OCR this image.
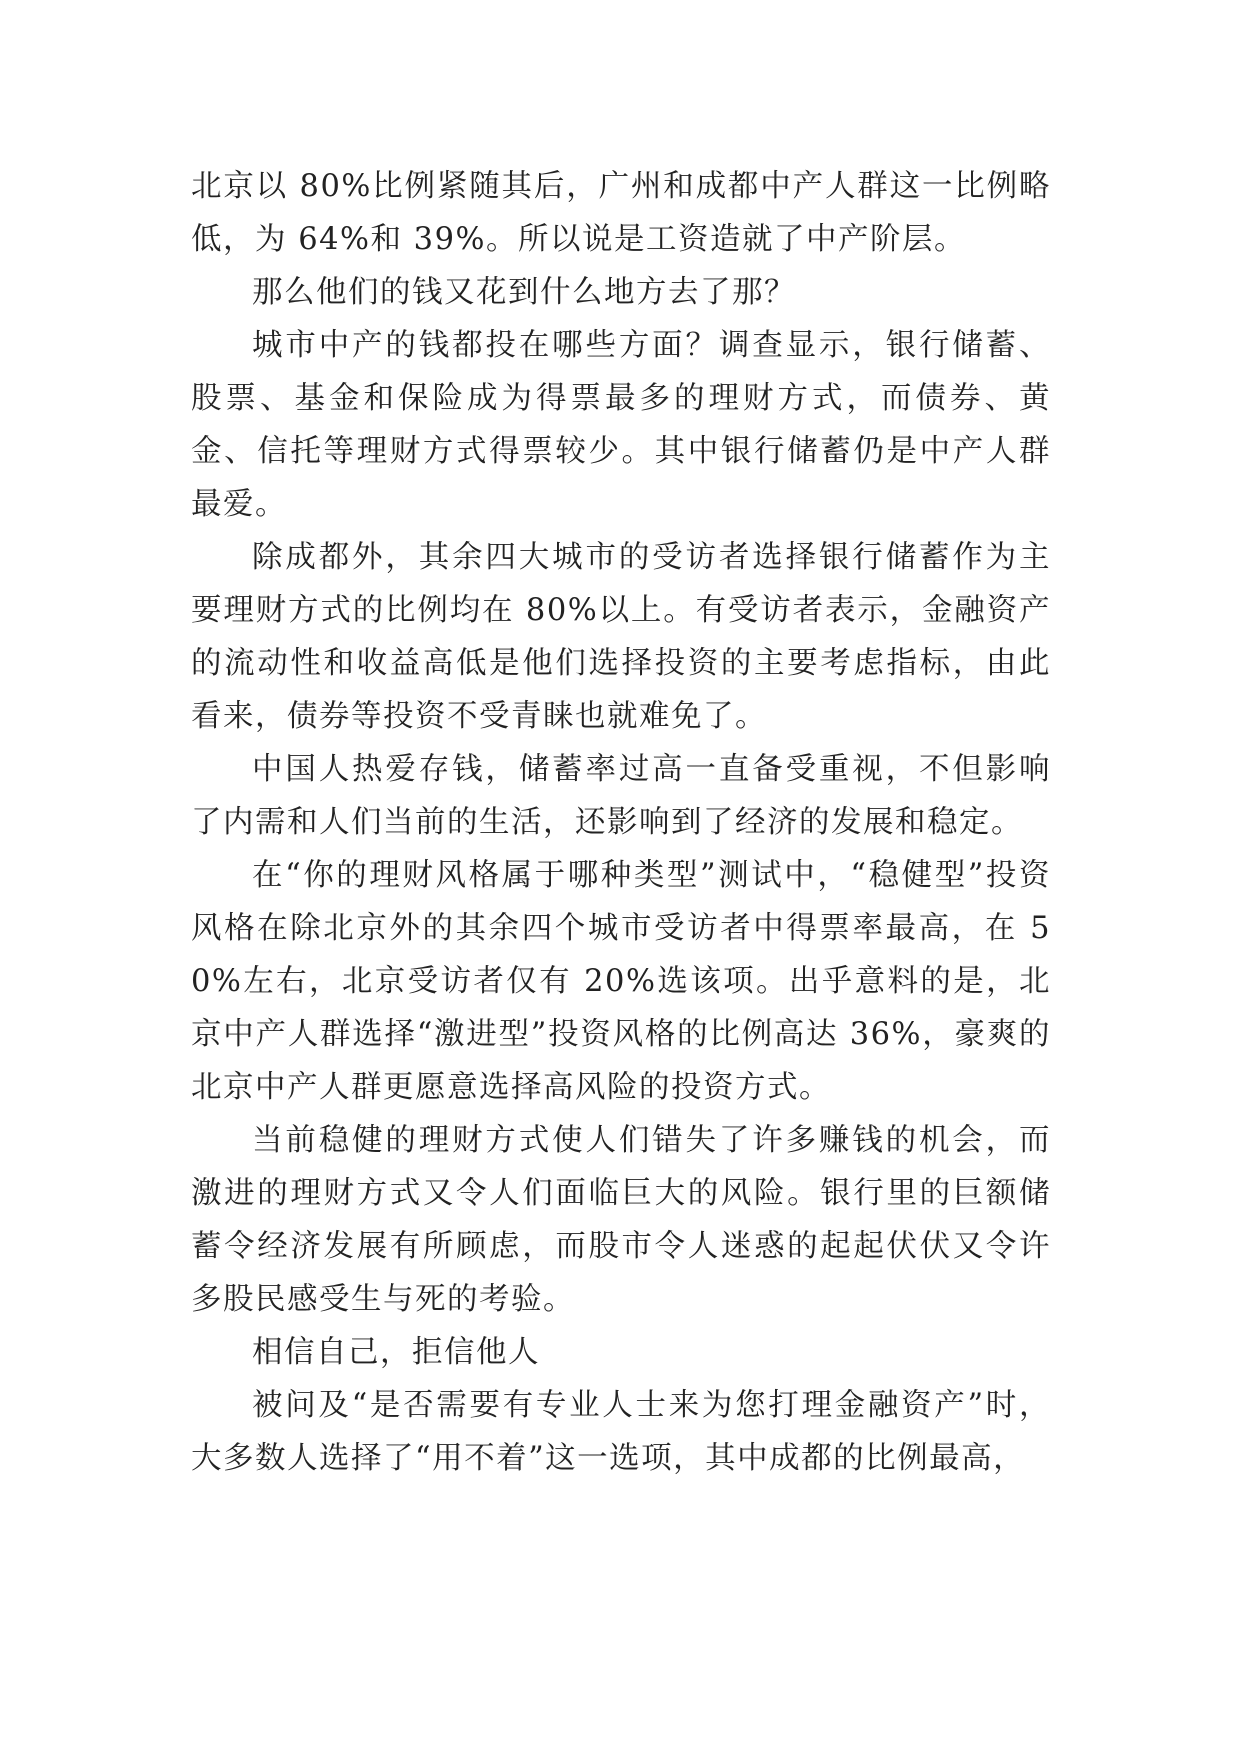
北京以 80%比例紧随其后，广州和成都中产人群这一比例略低，为 64%和 39%。所以说是工资造就了中产阶层。

那么他们的钱又花到什么地方去了那？

城市中产的钱都投在哪些方面？调查显示，银行储蓄、股票、基金和保险成为得票最多的理财方式，而债券、黄金、信托等理财方式得票较少。其中银行储蓄仍是中产人群最爱。

除成都外，其余四大城市的受访者选择银行储蓄作为主要理财方式的比例均在 80%以上。有受访者表示，金融资产的流动性和收益高低是他们选择投资的主要考虑指标，由此看来，债券等投资不受青睐也就难免了。

中国人热爱存钱，储蓄率过高一直备受重视，不但影响了内需和人们当前的生活，还影响到了经济的发展和稳定。

在“你的理财风格属于哪种类型”测试中，“稳健型”投资风格在除北京外的其余四个城市受访者中得票率最高，在 50%左右，北京受访者仅有 20%选该项。出乎意料的是，北京中产人群选择“激进型”投资风格的比例高达 36%，豪爽的北京中产人群更愿意选择高风险的投资方式。

当前稳健的理财方式使人们错失了许多赚钱的机会，而激进的理财方式又令人们面临巨大的风险。银行里的巨额储蓄令经济发展有所顾虑，而股市令人迷惑的起起伏伏又令许多股民感受生与死的考验。

相信自己，拒信他人

被问及“是否需要有专业人士来为您打理金融资产”时，大多数人选择了“用不着”这一选项，其中成都的比例最高，
